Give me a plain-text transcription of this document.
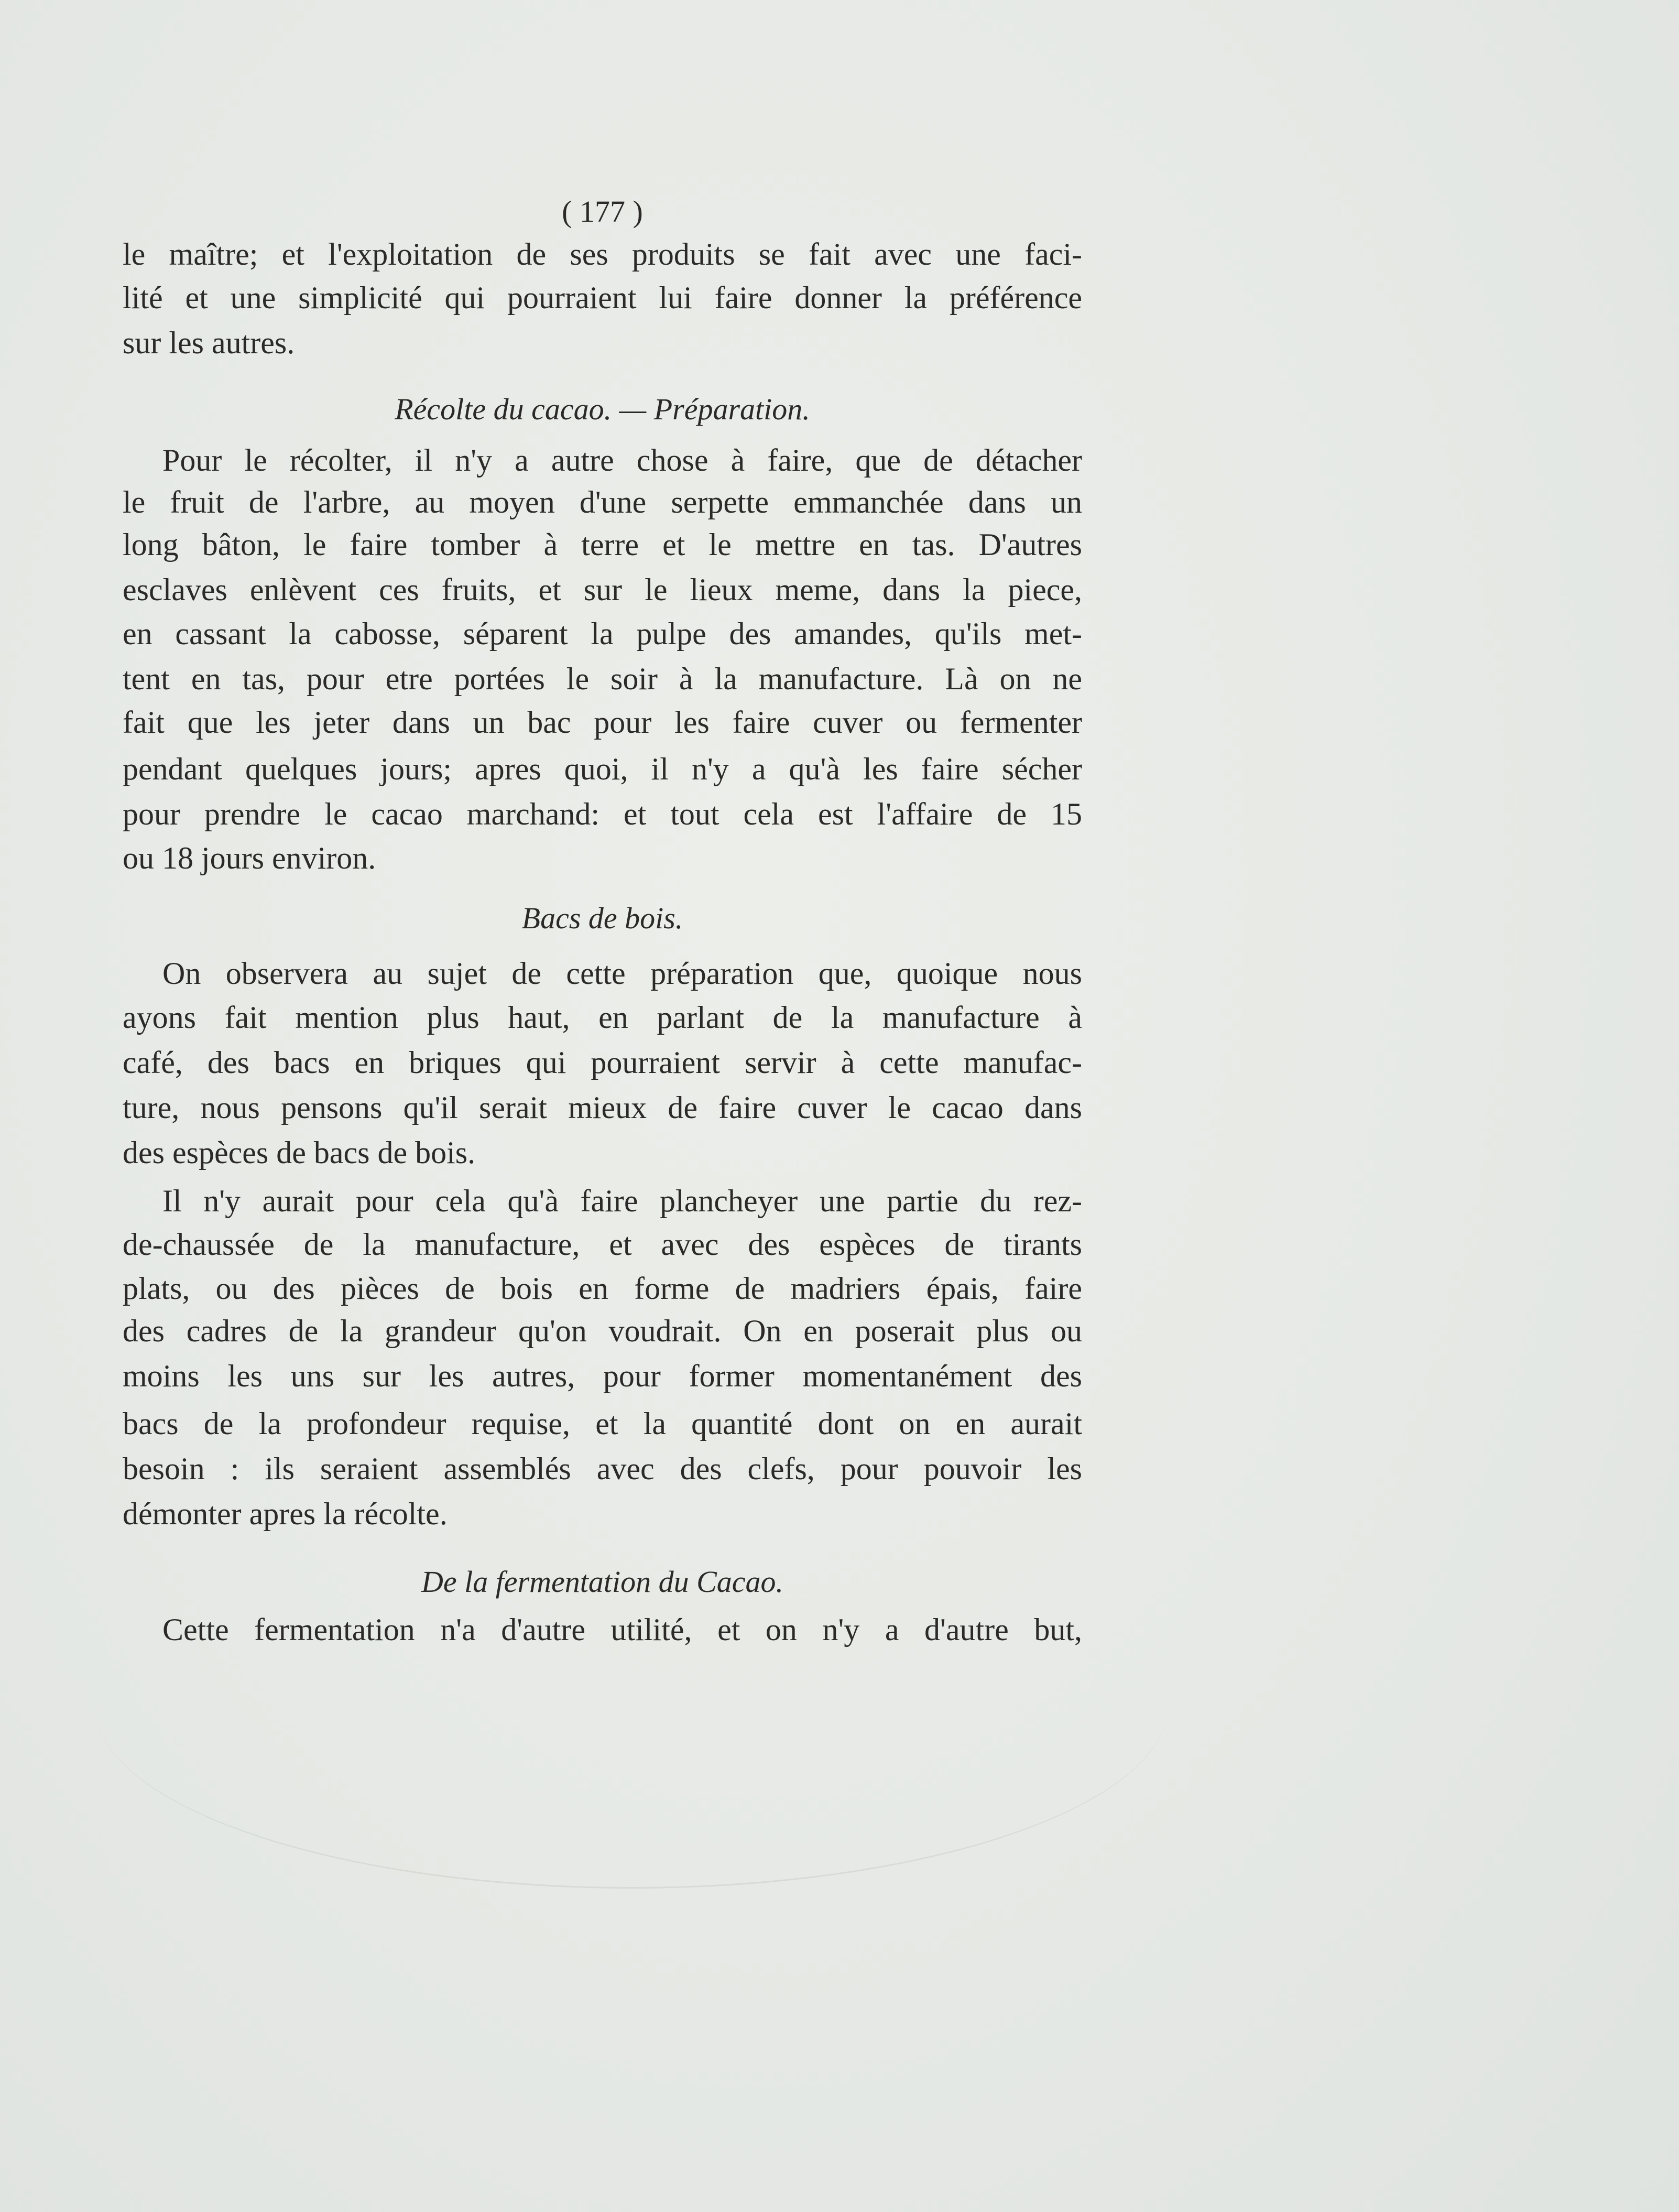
( 177 )
le maître; et l'exploitation de ses produits se fait avec une faci-
lité et une simplicité qui pourraient lui faire donner la préférence
sur les autres.
Récolte du cacao. — Préparation.
Pour le récolter, il n'y a autre chose à faire, que de détacher
le fruit de l'arbre, au moyen d'une serpette emmanchée dans un
long bâton, le faire tomber à terre et le mettre en tas. D'autres
esclaves enlèvent ces fruits, et sur le lieux meme, dans la piece,
en cassant la cabosse, séparent la pulpe des amandes, qu'ils met-
tent en tas, pour etre portées le soir à la manufacture. Là on ne
fait que les jeter dans un bac pour les faire cuver ou fermenter
pendant quelques jours; apres quoi, il n'y a qu'à les faire sécher
pour prendre le cacao marchand: et tout cela est l'affaire de 15
ou 18 jours environ.
Bacs de bois.
On observera au sujet de cette préparation que, quoique nous
ayons fait mention plus haut, en parlant de la manufacture à
café, des bacs en briques qui pourraient servir à cette manufac-
ture, nous pensons qu'il serait mieux de faire cuver le cacao dans
des espèces de bacs de bois.
Il n'y aurait pour cela qu'à faire plancheyer une partie du rez-
de-chaussée de la manufacture, et avec des espèces de tirants
plats, ou des pièces de bois en forme de madriers épais, faire
des cadres de la grandeur qu'on voudrait. On en poserait plus ou
moins les uns sur les autres, pour former momentanément des
bacs de la profondeur requise, et la quantité dont on en aurait
besoin : ils seraient assemblés avec des clefs, pour pouvoir les
démonter apres la récolte.
De la fermentation du Cacao.
Cette fermentation n'a d'autre utilité, et on n'y a d'autre but,
